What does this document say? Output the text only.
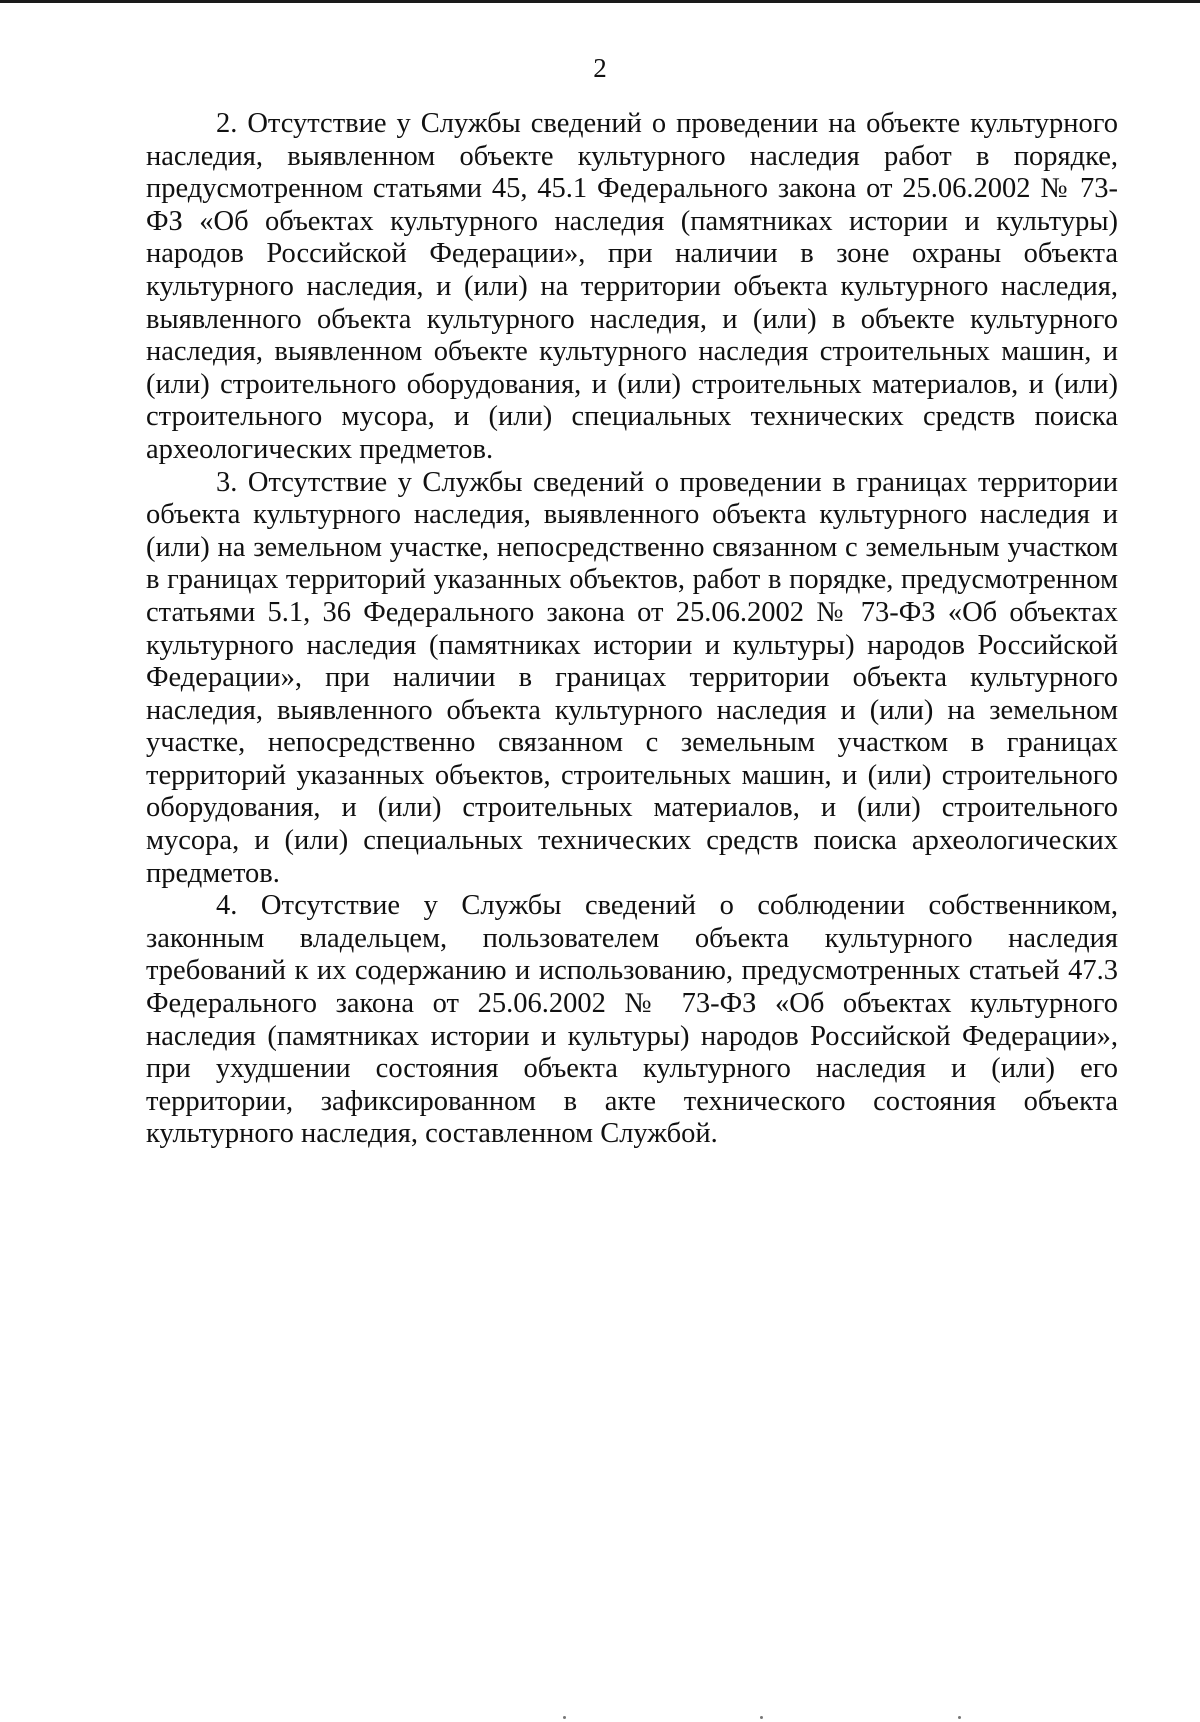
2

2. Отсутствие у Службы сведений о проведении на объекте культурного наследия, выявленном объекте культурного наследия работ в порядке, предусмотренном статьями 45, 45.1 Федерального закона от 25.06.2002 № 73-ФЗ «Об объектах культурного наследия (памятниках истории и культуры) народов Российской Федерации», при наличии в зоне охраны объекта культурного наследия, и (или) на территории объекта культурного наследия, выявленного объекта культурного наследия, и (или) в объекте культурного наследия, выявленном объекте культурного наследия строительных машин, и (или) строительного оборудования, и (или) строительных материалов, и (или) строительного мусора, и (или) специальных технических средств поиска археологических предметов.

3. Отсутствие у Службы сведений о проведении в границах территории объекта культурного наследия, выявленного объекта культурного наследия и (или) на земельном участке, непосредственно связанном с земельным участком в границах территорий указанных объектов, работ в порядке, предусмотренном статьями 5.1, 36 Федерального закона от 25.06.2002 № 73-ФЗ «Об объектах культурного наследия (памятниках истории и культуры) народов Российской Федерации», при наличии в границах территории объекта культурного наследия, выявленного объекта культурного наследия и (или) на земельном участке, непосредственно связанном с земельным участком в границах территорий указанных объектов, строительных машин, и (или) строительного оборудования, и (или) строительных материалов, и (или) строительного мусора, и (или) специальных технических средств поиска археологических предметов.

4. Отсутствие у Службы сведений о соблюдении собственником, законным владельцем, пользователем объекта культурного наследия требований к их содержанию и использованию, предусмотренных статьей 47.3 Федерального закона от 25.06.2002 № 73-ФЗ «Об объектах культурного наследия (памятниках истории и культуры) народов Российской Федерации», при ухудшении состояния объекта культурного наследия и (или) его территории, зафиксированном в акте технического состояния объекта культурного наследия, составленном Службой.
